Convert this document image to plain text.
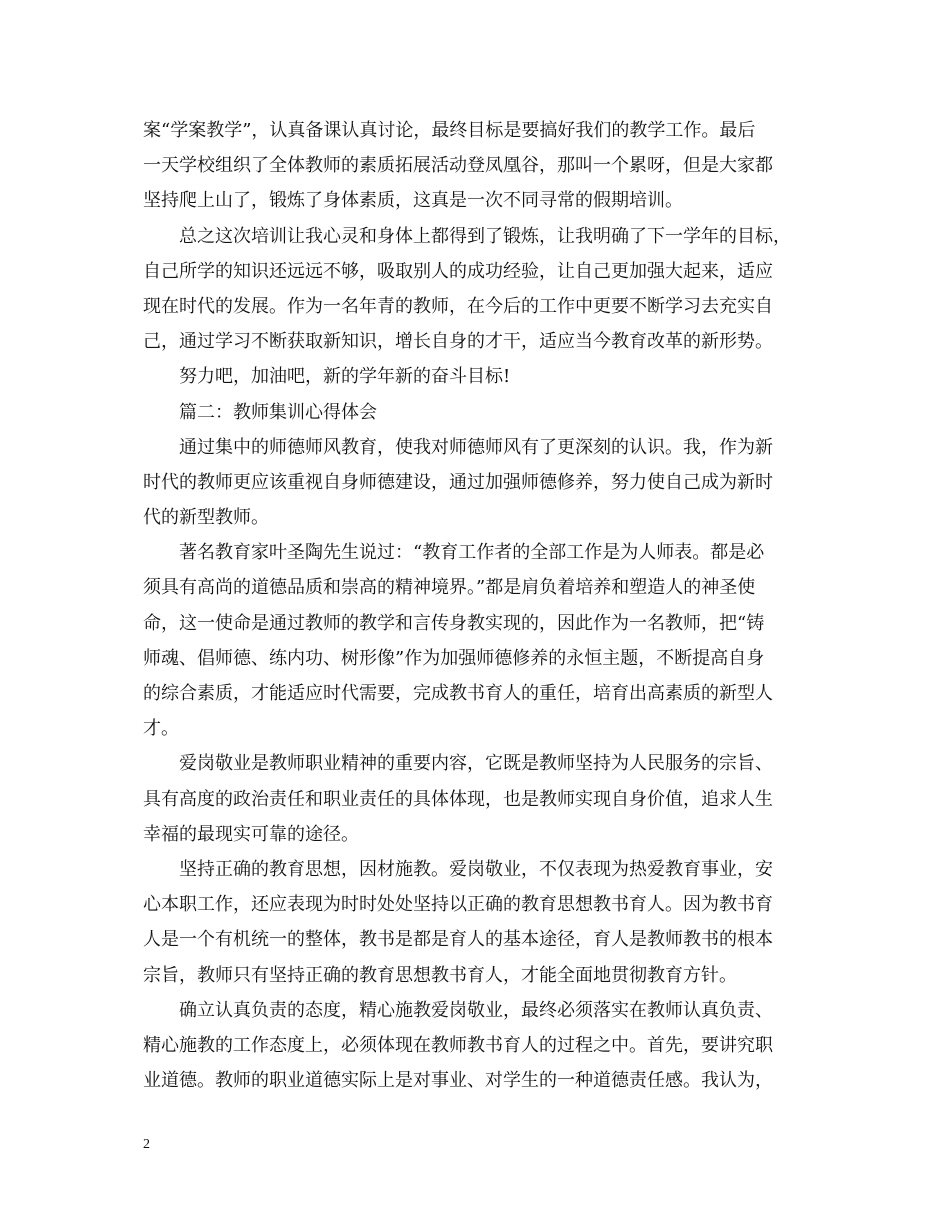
案“学案教学”，认真备课认真讨论，最终目标是要搞好我们的教学工作。最后
一天学校组织了全体教师的素质拓展活动登凤凰谷，那叫一个累呀，但是大家都
坚持爬上山了，锻炼了身体素质，这真是一次不同寻常的假期培训。
总之这次培训让我心灵和身体上都得到了锻炼，让我明确了下一学年的目标，
自己所学的知识还远远不够，吸取别人的成功经验，让自己更加强大起来，适应
现在时代的发展。作为一名年青的教师，在今后的工作中更要不断学习去充实自
己，通过学习不断获取新知识，增长自身的才干，适应当今教育改革的新形势。
努力吧，加油吧，新的学年新的奋斗目标!
篇二：教师集训心得体会
通过集中的师德师风教育，使我对师德师风有了更深刻的认识。我，作为新
时代的教师更应该重视自身师德建设，通过加强师德修养，努力使自己成为新时
代的新型教师。
著名教育家叶圣陶先生说过：“教育工作者的全部工作是为人师表。都是必
须具有高尚的道德品质和崇高的精神境界。”都是肩负着培养和塑造人的神圣使
命，这一使命是通过教师的教学和言传身教实现的，因此作为一名教师，把“铸
师魂、倡师德、练内功、树形像”作为加强师德修养的永恒主题，不断提高自身
的综合素质，才能适应时代需要，完成教书育人的重任，培育出高素质的新型人
才。
爱岗敬业是教师职业精神的重要内容，它既是教师坚持为人民服务的宗旨、
具有高度的政治责任和职业责任的具体体现，也是教师实现自身价值，追求人生
幸福的最现实可靠的途径。
坚持正确的教育思想，因材施教。爱岗敬业，不仅表现为热爱教育事业，安
心本职工作，还应表现为时时处处坚持以正确的教育思想教书育人。因为教书育
人是一个有机统一的整体，教书是都是育人的基本途径，育人是教师教书的根本
宗旨，教师只有坚持正确的教育思想教书育人，才能全面地贯彻教育方针。
确立认真负责的态度，精心施教爱岗敬业，最终必须落实在教师认真负责、
精心施教的工作态度上，必须体现在教师教书育人的过程之中。首先，要讲究职
业道德。教师的职业道德实际上是对事业、对学生的一种道德责任感。我认为，
2
